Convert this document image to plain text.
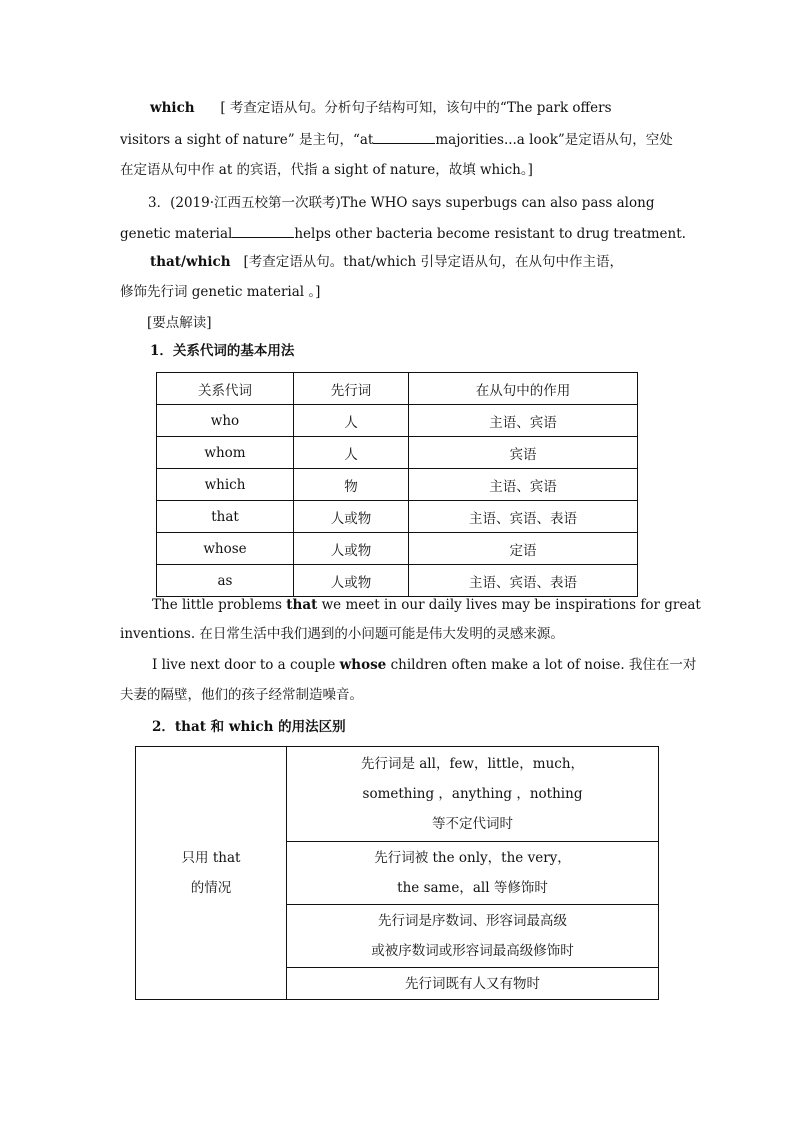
which [ 考查定语从句。分析句子结构可知，该句中的“The park offers
visitors a sight of nature” 是主句，“at	majorities...a look”是定语从句，空处
在定语从句中作 at 的宾语，代指 a sight of nature，故填 which。]
3．(2019·江西五校第一次联考)The WHO says superbugs can also pass along
genetic material	helps other bacteria become resistant to drug treatment.
that/which [考查定语从句。that/which 引导定语从句，在从句中作主语，
修饰先行词 genetic material 。]
[要点解读]
1．关系代词的基本用法
关系代词	先行词	在从句中的作用
who	人	主语、宾语
whom	人	宾语
which	物	主语、宾语
that	人或物	主语、宾语、表语
whose	人或物	定语
as	人或物	主语、宾语、表语
The little problems that we meet in our daily lives may be inspirations for great
inventions. 在日常生活中我们遇到的小问题可能是伟大发明的灵感来源。
I live next door to a couple whose children often make a lot of noise. 我住在一对
夫妻的隔壁，他们的孩子经常制造噪音。
2．that 和 which 的用法区别
只用 that
的情况

先行词是 all，few，little，much，
something ，anything ，nothing
等不定代词时

先行词被 the only，the very，
the same，all 等修饰时

先行词是序数词、形容词最高级
或被序数词或形容词最高级修饰时

先行词既有人又有物时
